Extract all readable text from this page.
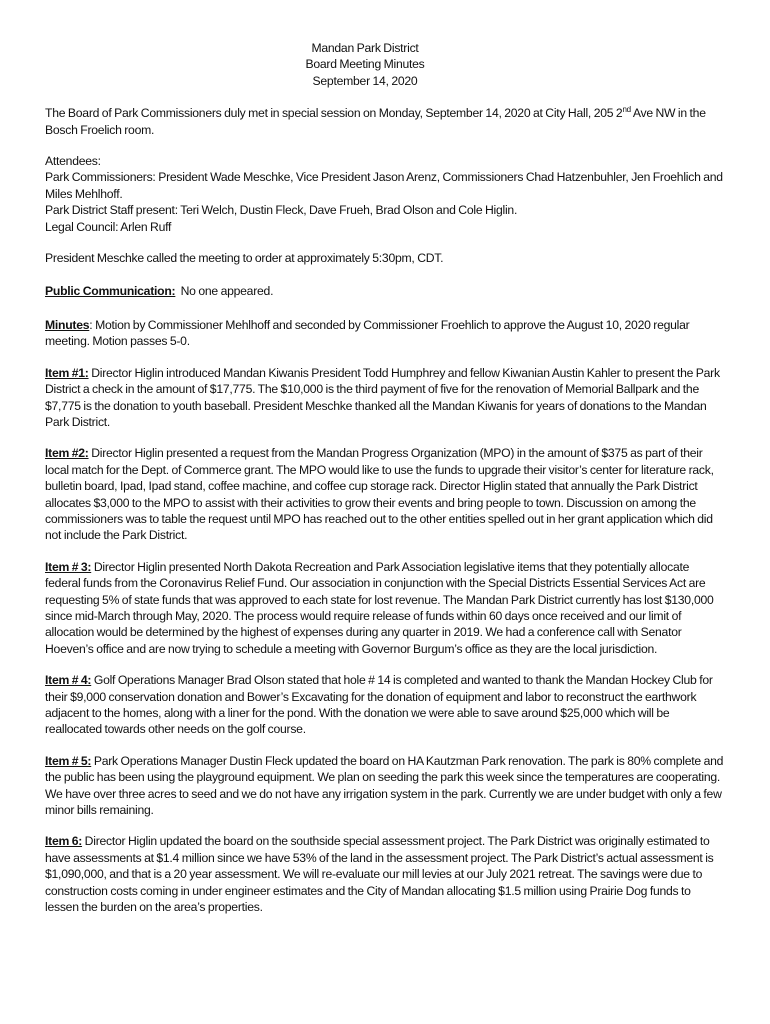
Mandan Park District
Board Meeting Minutes
September 14, 2020

The Board of Park Commissioners duly met in special session on Monday, September 14, 2020 at City Hall, 205 2nd Ave NW in the Bosch Froelich room.

Attendees:
Park Commissioners: President Wade Meschke, Vice President Jason Arenz, Commissioners Chad Hatzenbuhler, Jen Froehlich and Miles Mehlhoff.
Park District Staff present: Teri Welch, Dustin Fleck, Dave Frueh, Brad Olson and Cole Higlin.
Legal Council: Arlen Ruff

President Meschke called the meeting to order at approximately 5:30pm, CDT.

Public Communication:  No one appeared.

Minutes: Motion by Commissioner Mehlhoff and seconded by Commissioner Froehlich to approve the August 10, 2020 regular meeting. Motion passes 5-0.

Item #1: Director Higlin introduced Mandan Kiwanis President Todd Humphrey and fellow Kiwanian Austin Kahler to present the Park District a check in the amount of $17,775. The $10,000 is the third payment of five for the renovation of Memorial Ballpark and the $7,775 is the donation to youth baseball. President Meschke thanked all the Mandan Kiwanis for years of donations to the Mandan Park District.

Item #2: Director Higlin presented a request from the Mandan Progress Organization (MPO) in the amount of $375 as part of their local match for the Dept. of Commerce grant. The MPO would like to use the funds to upgrade their visitor’s center for literature rack, bulletin board, Ipad, Ipad stand, coffee machine, and coffee cup storage rack. Director Higlin stated that annually the Park District allocates $3,000 to the MPO to assist with their activities to grow their events and bring people to town. Discussion on among the commissioners was to table the request until MPO has reached out to the other entities spelled out in her grant application which did not include the Park District.

Item # 3: Director Higlin presented North Dakota Recreation and Park Association legislative items that they potentially allocate federal funds from the Coronavirus Relief Fund. Our association in conjunction with the Special Districts Essential Services Act are requesting 5% of state funds that was approved to each state for lost revenue. The Mandan Park District currently has lost $130,000 since mid-March through May, 2020. The process would require release of funds within 60 days once received and our limit of allocation would be determined by the highest of expenses during any quarter in 2019. We had a conference call with Senator Hoeven’s office and are now trying to schedule a meeting with Governor Burgum’s office as they are the local jurisdiction.

Item # 4: Golf Operations Manager Brad Olson stated that hole # 14 is completed and wanted to thank the Mandan Hockey Club for their $9,000 conservation donation and Bower’s Excavating for the donation of equipment and labor to reconstruct the earthwork adjacent to the homes, along with a liner for the pond. With the donation we were able to save around $25,000 which will be reallocated towards other needs on the golf course.

Item # 5: Park Operations Manager Dustin Fleck updated the board on HA Kautzman Park renovation. The park is 80% complete and the public has been using the playground equipment. We plan on seeding the park this week since the temperatures are cooperating. We have over three acres to seed and we do not have any irrigation system in the park. Currently we are under budget with only a few minor bills remaining.

Item 6: Director Higlin updated the board on the southside special assessment project. The Park District was originally estimated to have assessments at $1.4 million since we have 53% of the land in the assessment project. The Park District’s actual assessment is $1,090,000, and that is a 20 year assessment. We will re-evaluate our mill levies at our July 2021 retreat. The savings were due to construction costs coming in under engineer estimates and the City of Mandan allocating $1.5 million using Prairie Dog funds to lessen the burden on the area’s properties.
